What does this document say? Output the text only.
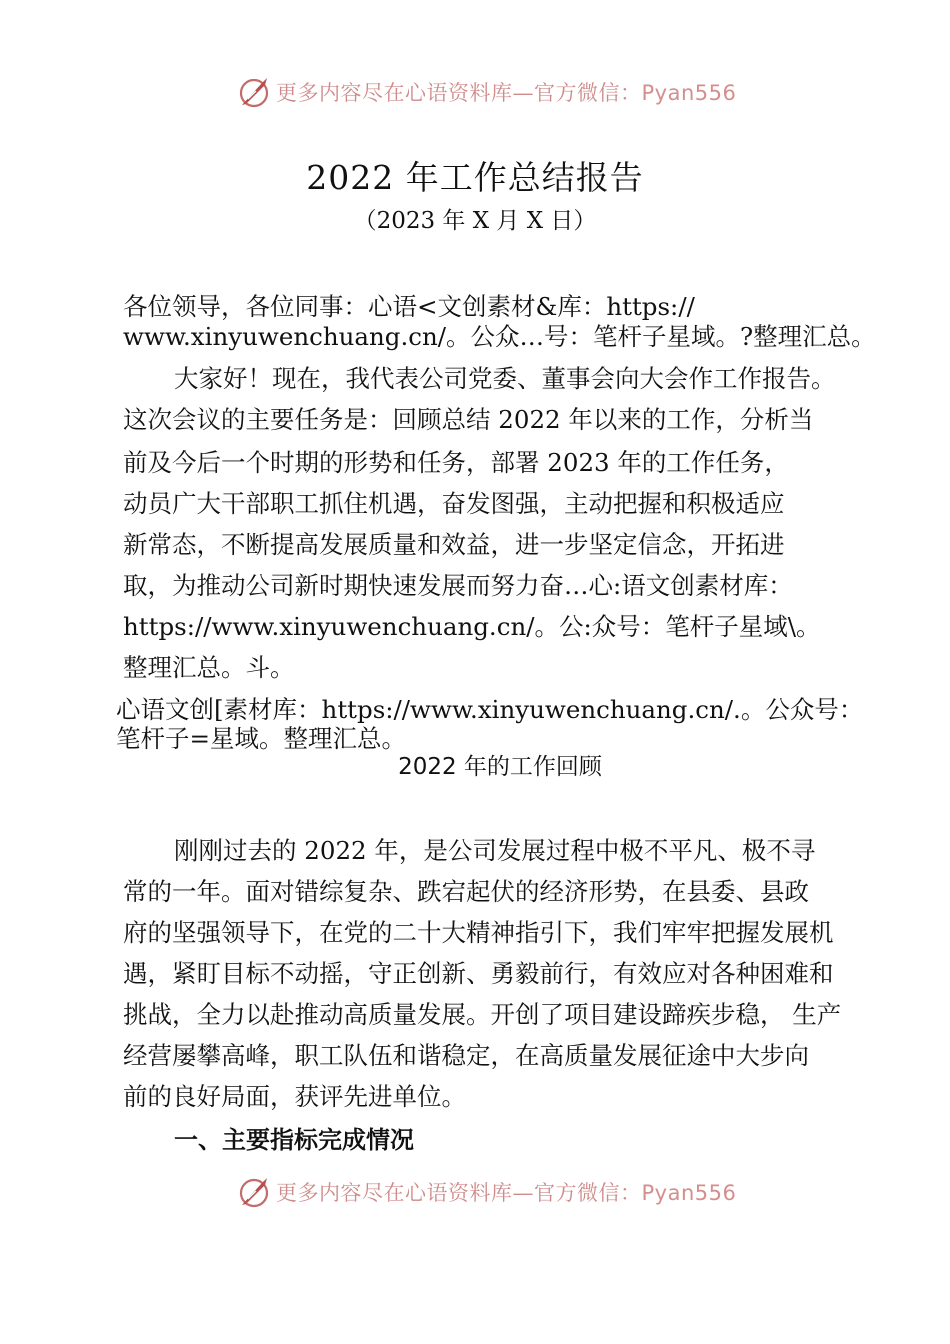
更多内容尽在心语资料库—官方微信：Pyan556
2022 年工作总结报告
（2023 年 X 月 X 日）
各位领导，各位同事：心语<文创素材&库：https://
www.xinyuwenchuang.cn/。公众…号：笔杆子星域。?整理汇总。
大家好！现在，我代表公司党委、董事会向大会作工作报告。
这次会议的主要任务是：回顾总结 2022 年以来的工作，分析当
前及今后一个时期的形势和任务，部署 2023 年的工作任务，
动员广大干部职工抓住机遇，奋发图强，主动把握和积极适应
新常态，不断提高发展质量和效益，进一步坚定信念，开拓进
取，为推动公司新时期快速发展而努力奋…心:语文创素材库：
https://www.xinyuwenchuang.cn/。公:众号：笔杆子星域\。
整理汇总。斗。
心语文创[素材库：https://www.xinyuwenchuang.cn/.。公众号：
笔杆子=星域。整理汇总。
2022 年的工作回顾
刚刚过去的 2022 年，是公司发展过程中极不平凡、极不寻
常的一年。面对错综复杂、跌宕起伏的经济形势，在县委、县政
府的坚强领导下，在党的二十大精神指引下，我们牢牢把握发展机
遇，紧盯目标不动摇，守正创新、勇毅前行，有效应对各种困难和
挑战，全力以赴推动高质量发展。开创了项目建设蹄疾步稳， 生产
经营屡攀高峰，职工队伍和谐稳定，在高质量发展征途中大步向
前的良好局面，获评先进单位。
一、主要指标完成情况
更多内容尽在心语资料库—官方微信：Pyan556
